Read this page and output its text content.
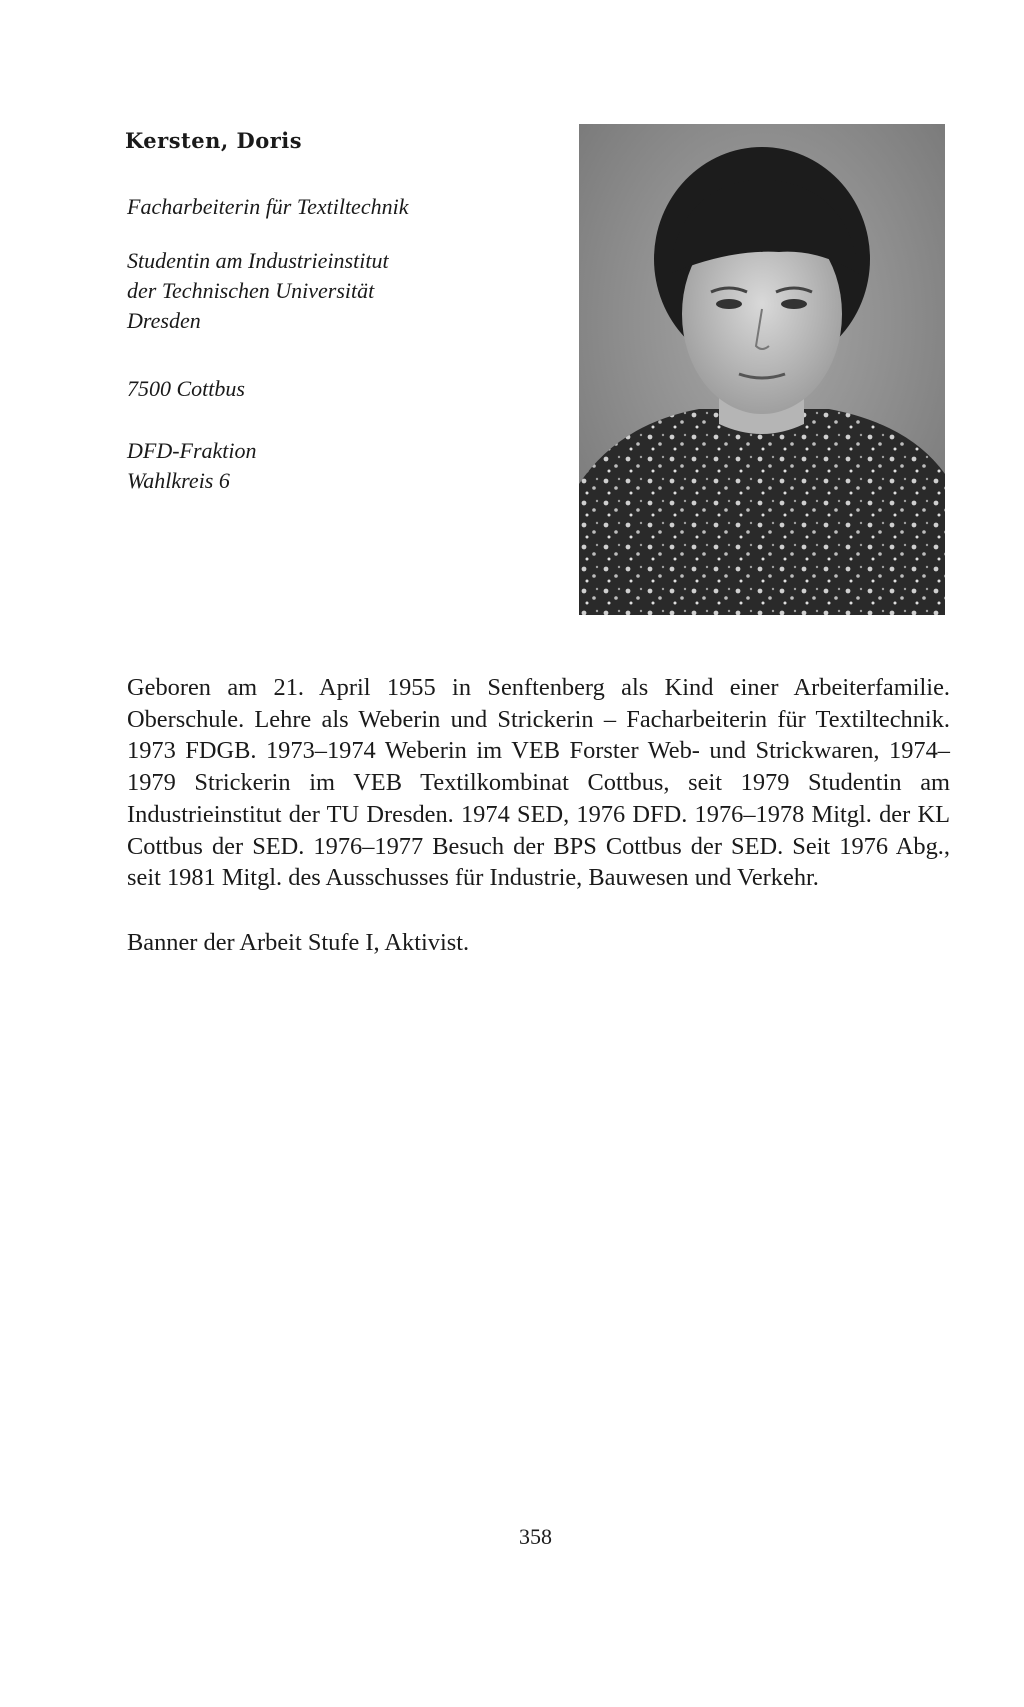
Kersten, Doris
Facharbeiterin für Textiltechnik
Studentin am Industrieinstitut
der Technischen Universität
Dresden
7500 Cottbus
DFD-Fraktion
Wahlkreis 6

Geboren am 21. April 1955 in Senftenberg als Kind einer Arbeiterfamilie. Oberschule. Lehre als Weberin und Strickerin – Facharbeiterin für Textiltechnik. 1973 FDGB. 1973–1974 Weberin im VEB Forster Web- und Strickwaren, 1974–1979 Strickerin im VEB Textilkombinat Cottbus, seit 1979 Studentin am Industrieinstitut der TU Dresden. 1974 SED, 1976 DFD. 1976–1978 Mitgl. der KL Cottbus der SED. 1976–1977 Besuch der BPS Cottbus der SED. Seit 1976 Abg., seit 1981 Mitgl. des Ausschusses für Industrie, Bauwesen und Verkehr.

Banner der Arbeit Stufe I, Aktivist.

358
